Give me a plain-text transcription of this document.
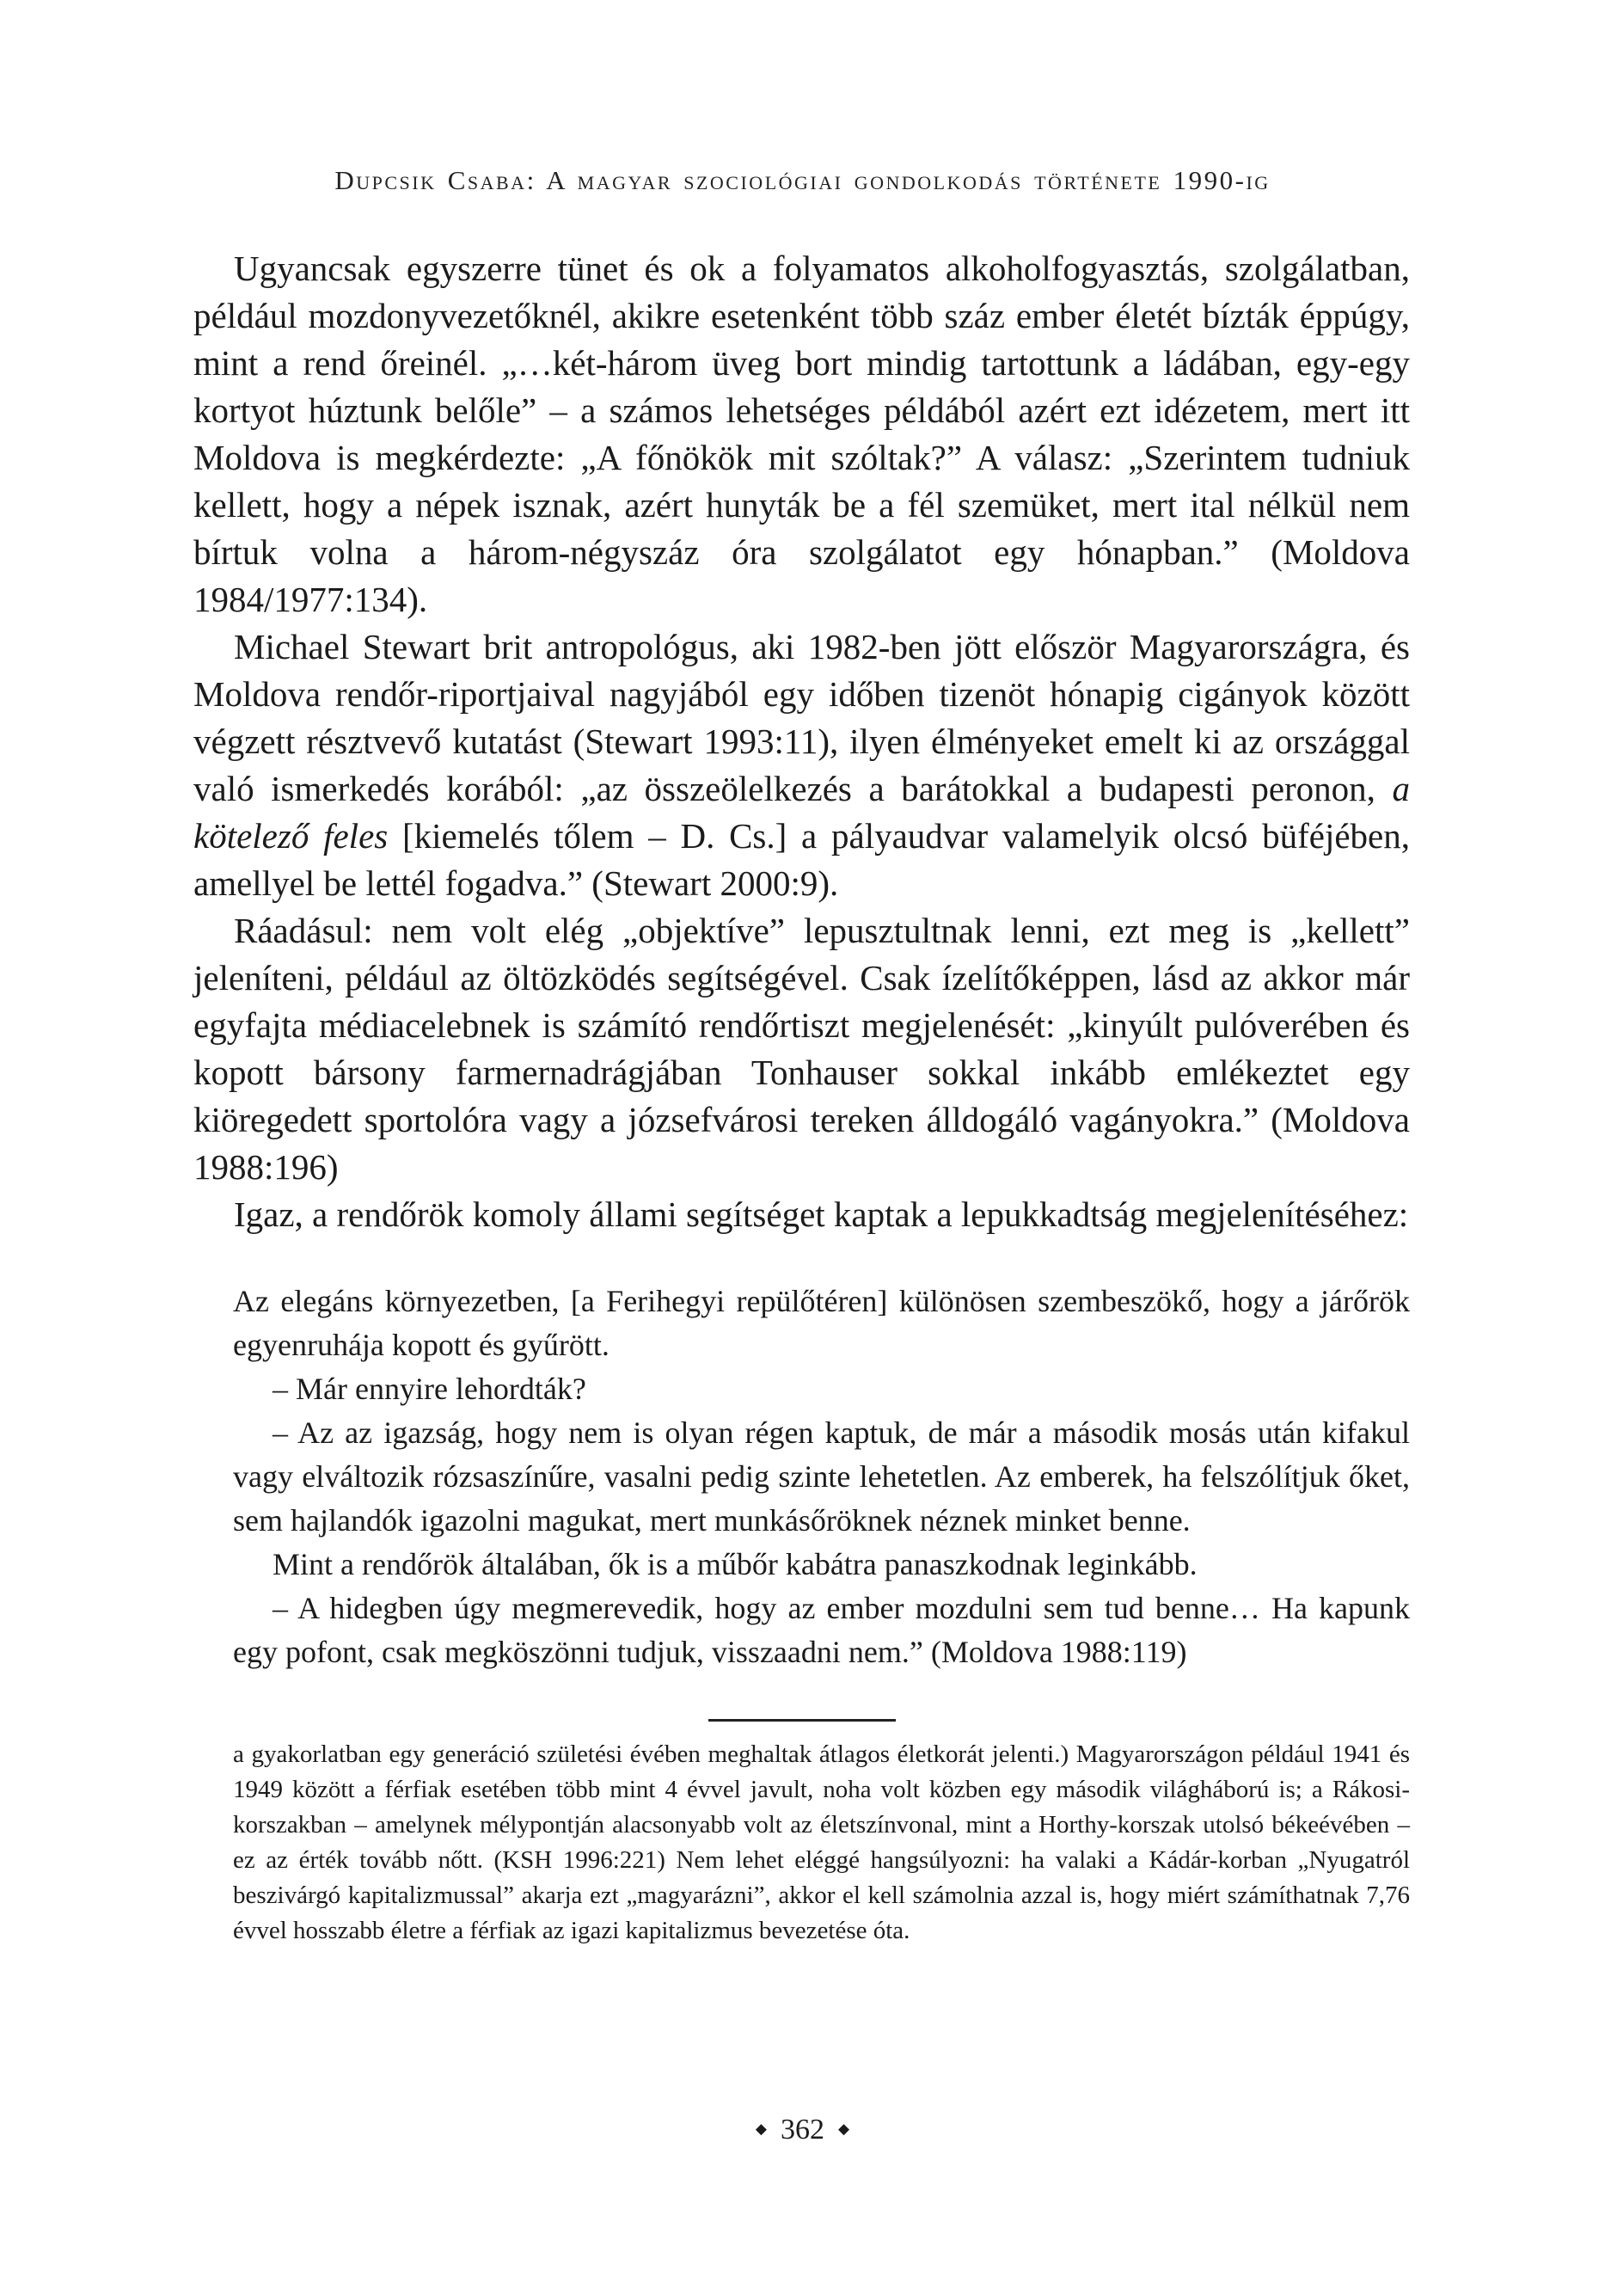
Dupcsik Csaba: A magyar szociológiai gondolkodás története 1990-ig

Ugyancsak egyszerre tünet és ok a folyamatos alkoholfogyasztás, szolgálatban, például mozdonyvezetőknél, akikre esetenként több száz ember életét bízták éppúgy, mint a rend őreinél. „…két-három üveg bort mindig tartottunk a ládában, egy-egy kortyot húztunk belőle” – a számos lehetséges példából azért ezt idézetem, mert itt Moldova is megkérdezte: „A főnökök mit szóltak?” A válasz: „Szerintem tudniuk kellett, hogy a népek isznak, azért hunyták be a fél szemüket, mert ital nélkül nem bírtuk volna a három-négyszáz óra szolgálatot egy hónapban.” (Moldova 1984/1977:134).

Michael Stewart brit antropológus, aki 1982-ben jött először Magyarországra, és Moldova rendőr-riportjaival nagyjából egy időben tizenöt hónapig cigányok között végzett résztvevő kutatást (Stewart 1993:11), ilyen élményeket emelt ki az országgal való ismerkedés korából: „az összeölelkezés a barátokkal a budapesti peronon, a kötelező feles [kiemelés tőlem – D. Cs.] a pályaudvar valamelyik olcsó büféjében, amellyel be lettél fogadva.” (Stewart 2000:9).

Ráadásul: nem volt elég „objektíve” lepusztultnak lenni, ezt meg is „kellett” jeleníteni, például az öltözködés segítségével. Csak ízelítőképpen, lásd az akkor már egyfajta médiacelebnek is számító rendőrtiszt megjelenését: „kinyúlt pulóverében és kopott bársony farmernadrágjában Tonhauser sokkal inkább emlékeztet egy kiöregedett sportolóra vagy a józsefvárosi tereken álldogáló vagányokra.” (Moldova 1988:196)

Igaz, a rendőrök komoly állami segítséget kaptak a lepukkadtság megjelenítéséhez:

Az elegáns környezetben, [a Ferihegyi repülőtéren] különösen szembeszökő, hogy a járőrök egyenruhája kopott és gyűrött.

– Már ennyire lehordták?

– Az az igazság, hogy nem is olyan régen kaptuk, de már a második mosás után kifakul vagy elváltozik rózsaszínűre, vasalni pedig szinte lehetetlen. Az emberek, ha felszólítjuk őket, sem hajlandók igazolni magukat, mert munkásőröknek néznek minket benne.

Mint a rendőrök általában, ők is a műbőr kabátra panaszkodnak leginkább.

– A hidegben úgy megmerevedik, hogy az ember mozdulni sem tud benne… Ha kapunk egy pofont, csak megköszönni tudjuk, visszaadni nem.” (Moldova 1988:119)

a gyakorlatban egy generáció születési évében meghaltak átlagos életkorát jelenti.) Magyarországon például 1941 és 1949 között a férfiak esetében több mint 4 évvel javult, noha volt közben egy második világháború is; a Rákosi-korszakban – amelynek mélypontján alacsonyabb volt az életszínvonal, mint a Horthy-korszak utolsó békeévében – ez az érték tovább nőtt. (KSH 1996:221) Nem lehet eléggé hangsúlyozni: ha valaki a Kádár-korban „Nyugatról beszivárgó kapitalizmussal” akarja ezt „magyarázni”, akkor el kell számolnia azzal is, hogy miért számíthatnak 7,76 évvel hosszabb életre a férfiak az igazi kapitalizmus bevezetése óta.

◆ 362 ◆
